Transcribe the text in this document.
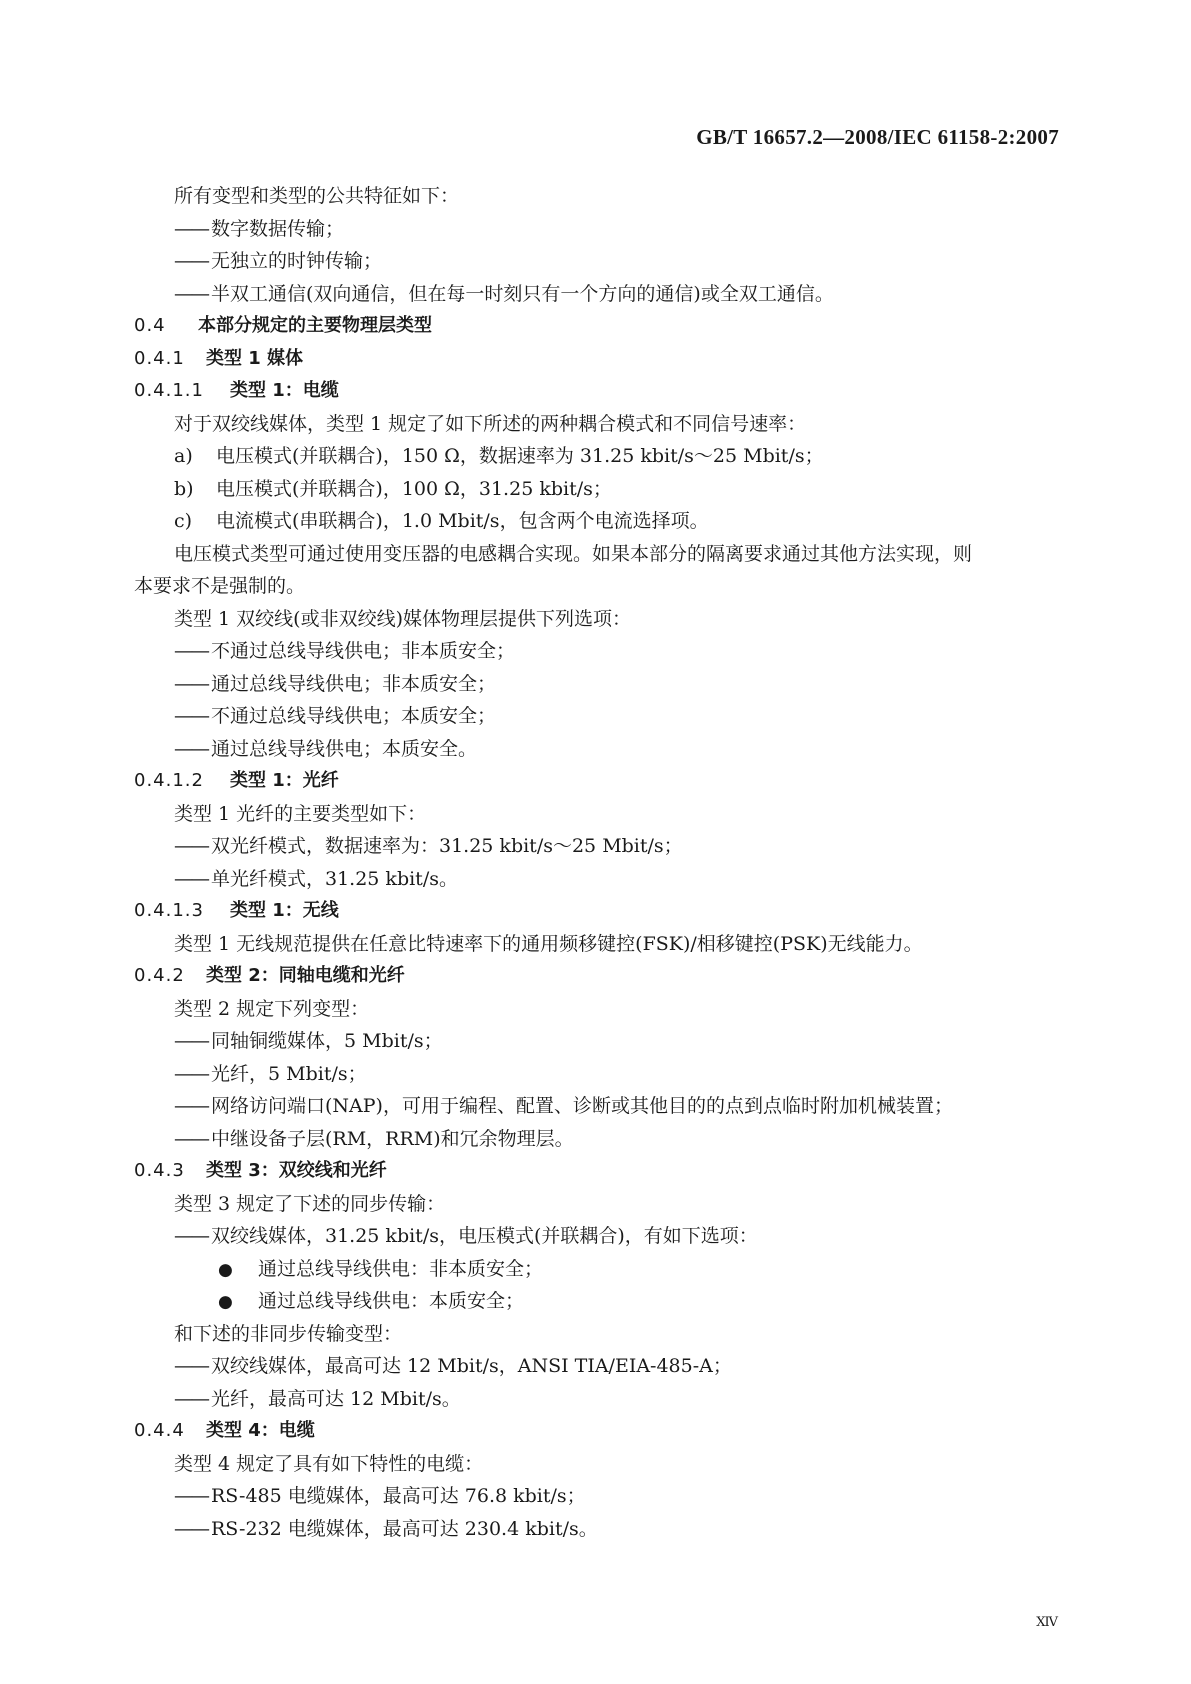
GB/T 16657.2—2008/IEC 61158-2:2007
所有变型和类型的公共特征如下：
—— 数字数据传输；
—— 无独立的时钟传输；
—— 半双工通信(双向通信，但在每一时刻只有一个方向的通信)或全双工通信。
0.4 本部分规定的主要物理层类型
0.4.1 类型 1 媒体
0.4.1.1 类型 1：电缆
对于双绞线媒体，类型 1 规定了如下所述的两种耦合模式和不同信号速率：
a) 电压模式(并联耦合)，150 Ω，数据速率为 31.25 kbit/s～25 Mbit/s；
b) 电压模式(并联耦合)，100 Ω，31.25 kbit/s；
c) 电流模式(串联耦合)，1.0 Mbit/s，包含两个电流选择项。
电压模式类型可通过使用变压器的电感耦合实现。如果本部分的隔离要求通过其他方法实现，则
本要求不是强制的。
类型 1 双绞线(或非双绞线)媒体物理层提供下列选项：
—— 不通过总线导线供电；非本质安全；
—— 通过总线导线供电；非本质安全；
—— 不通过总线导线供电；本质安全；
—— 通过总线导线供电；本质安全。
0.4.1.2 类型 1：光纤
类型 1 光纤的主要类型如下：
—— 双光纤模式，数据速率为：31.25 kbit/s～25 Mbit/s；
—— 单光纤模式，31.25 kbit/s。
0.4.1.3 类型 1：无线
类型 1 无线规范提供在任意比特速率下的通用频移键控(FSK)/相移键控(PSK)无线能力。
0.4.2 类型 2：同轴电缆和光纤
类型 2 规定下列变型：
—— 同轴铜缆媒体，5 Mbit/s；
—— 光纤，5 Mbit/s；
—— 网络访问端口(NAP)，可用于编程、配置、诊断或其他目的的点到点临时附加机械装置；
—— 中继设备子层(RM，RRM)和冗余物理层。
0.4.3 类型 3：双绞线和光纤
类型 3 规定了下述的同步传输：
—— 双绞线媒体，31.25 kbit/s，电压模式(并联耦合)，有如下选项：
● 通过总线导线供电：非本质安全；
● 通过总线导线供电：本质安全；
和下述的非同步传输变型：
—— 双绞线媒体，最高可达 12 Mbit/s，ANSI TIA/EIA-485-A；
—— 光纤，最高可达 12 Mbit/s。
0.4.4 类型 4：电缆
类型 4 规定了具有如下特性的电缆：
—— RS-485 电缆媒体，最高可达 76.8 kbit/s；
—— RS-232 电缆媒体，最高可达 230.4 kbit/s。
XIV
